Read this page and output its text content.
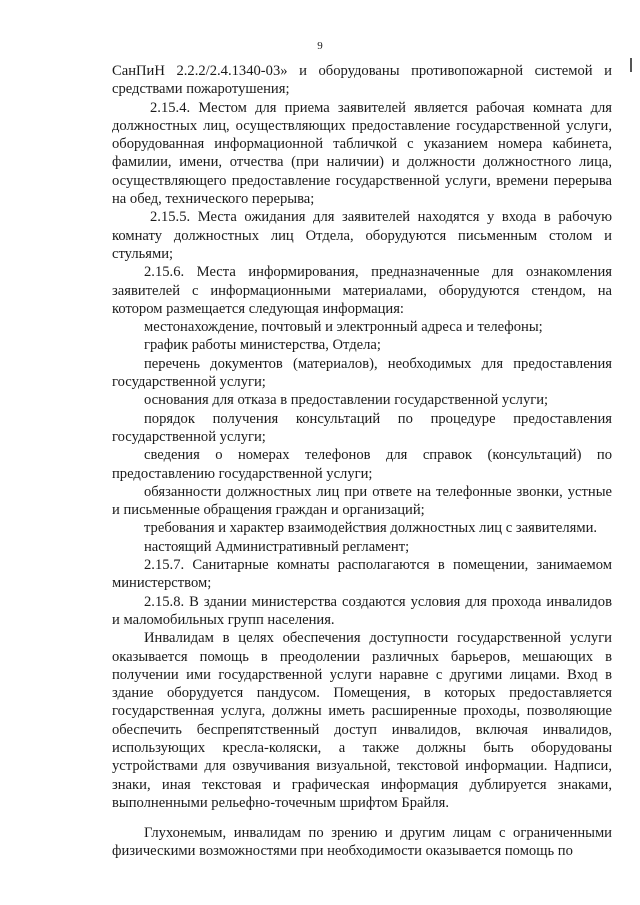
9

СанПиН 2.2.2/2.4.1340-03» и оборудованы противопожарной системой и средствами пожаротушения;

2.15.4. Местом для приема заявителей является рабочая комната для должностных лиц, осуществляющих предоставление государственной услуги, оборудованная информационной табличкой с указанием номера кабинета, фамилии, имени, отчества (при наличии) и должности должностного лица, осуществляющего предоставление государственной услуги, времени перерыва на обед, технического перерыва;

2.15.5. Места ожидания для заявителей находятся у входа в рабочую комнату должностных лиц Отдела, оборудуются письменным столом и стульями;

2.15.6. Места информирования, предназначенные для ознакомления заявителей с информационными материалами, оборудуются стендом, на котором размещается следующая информация:

местонахождение, почтовый и электронный адреса и телефоны;

график работы министерства, Отдела;

перечень документов (материалов), необходимых для предоставления государственной услуги;

основания для отказа в предоставлении государственной услуги;

порядок получения консультаций по процедуре предоставления государственной услуги;

сведения о номерах телефонов для справок (консультаций) по предоставлению государственной услуги;

обязанности должностных лиц при ответе на телефонные звонки, устные и письменные обращения граждан и организаций;

требования и характер взаимодействия должностных лиц с заявителями.

настоящий Административный регламент;

2.15.7. Санитарные комнаты располагаются в помещении, занимаемом министерством;

2.15.8. В здании министерства создаются условия для прохода инвалидов и маломобильных групп населения.

Инвалидам в целях обеспечения доступности государственной услуги оказывается помощь в преодолении различных барьеров, мешающих в получении ими государственной услуги наравне с другими лицами. Вход в здание оборудуется пандусом. Помещения, в которых предоставляется государственная услуга, должны иметь расширенные проходы, позволяющие обеспечить беспрепятственный доступ инвалидов, включая инвалидов, использующих кресла-коляски, а также должны быть оборудованы устройствами для озвучивания визуальной, текстовой информации. Надписи, знаки, иная текстовая и графическая информация дублируется знаками, выполненными рельефно-точечным шрифтом Брайля.

Глухонемым, инвалидам по зрению и другим лицам с ограниченными физическими возможностями при необходимости оказывается помощь по
